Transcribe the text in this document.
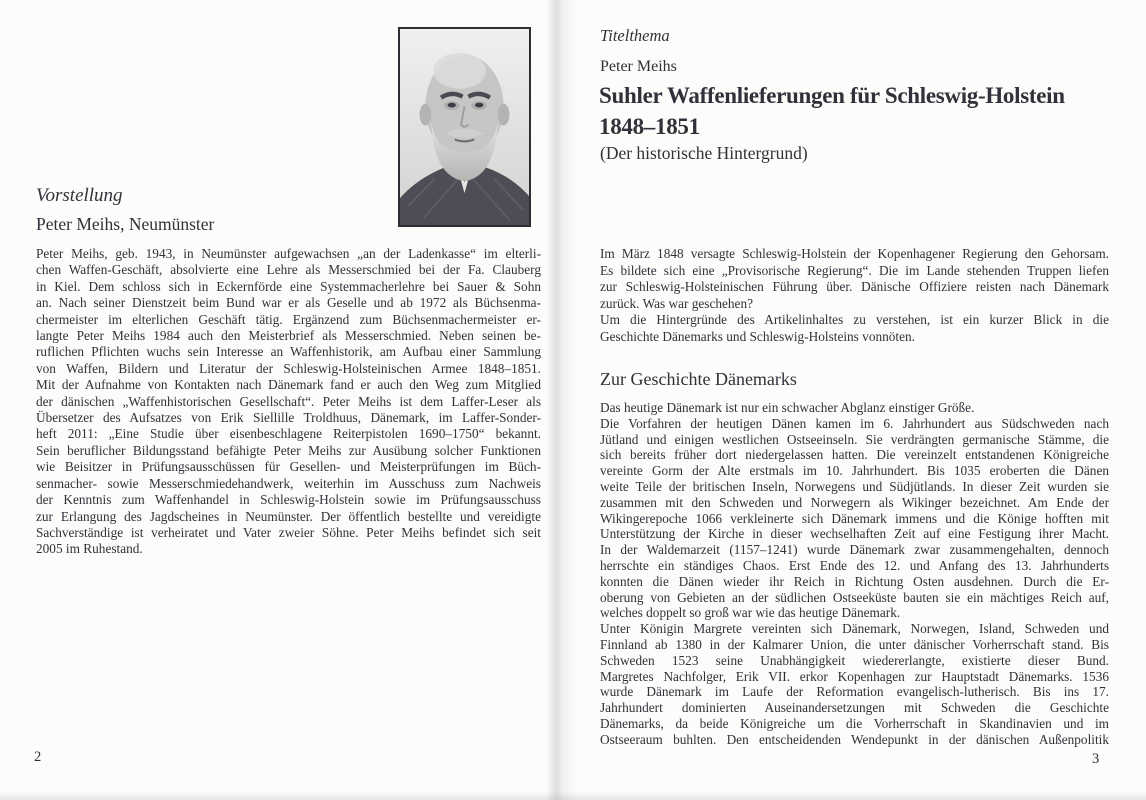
Vorstellung
Peter Meihs, Neumünster
Peter Meihs, geb. 1943, in Neumünster aufgewachsen „an der Ladenkasse“ im elterli-
chen Waffen-Geschäft, absolvierte eine Lehre als Messerschmied bei der Fa. Clauberg
in Kiel. Dem schloss sich in Eckernförde eine Systemmacherlehre bei Sauer & Sohn
an. Nach seiner Dienstzeit beim Bund war er als Geselle und ab 1972 als Büchsenma-
chermeister im elterlichen Geschäft tätig. Ergänzend zum Büchsenmachermeister er-
langte Peter Meihs 1984 auch den Meisterbrief als Messerschmied. Neben seinen be-
ruflichen Pflichten wuchs sein Interesse an Waffenhistorik, am Aufbau einer Sammlung
von Waffen, Bildern und Literatur der Schleswig-Holsteinischen Armee 1848–1851.
Mit der Aufnahme von Kontakten nach Dänemark fand er auch den Weg zum Mitglied
der dänischen „Waffenhistorischen Gesellschaft“. Peter Meihs ist dem Laffer-Leser als
Übersetzer des Aufsatzes von Erik Siellille Troldhuus, Dänemark, im Laffer-Sonder-
heft 2011: „Eine Studie über eisenbeschlagene Reiterpistolen 1690–1750“ bekannt.
Sein beruflicher Bildungsstand befähigte Peter Meihs zur Ausübung solcher Funktionen
wie Beisitzer in Prüfungsausschüssen für Gesellen- und Meisterprüfungen im Büch-
senmacher- sowie Messerschmiedehandwerk, weiterhin im Ausschuss zum Nachweis
der Kenntnis zum Waffenhandel in Schleswig-Holstein sowie im Prüfungsausschuss
zur Erlangung des Jagdscheines in Neumünster. Der öffentlich bestellte und vereidigte
Sachverständige ist verheiratet und Vater zweier Söhne. Peter Meihs befindet sich seit
2005 im Ruhestand.
2
Titelthema
Peter Meihs
Suhler Waffenlieferungen für Schleswig-Holstein
1848–1851
(Der historische Hintergrund)
Im März 1848 versagte Schleswig-Holstein der Kopenhagener Regierung den Gehorsam.
Es bildete sich eine „Provisorische Regierung“. Die im Lande stehenden Truppen liefen
zur Schleswig-Holsteinischen Führung über. Dänische Offiziere reisten nach Dänemark
zurück. Was war geschehen?
Um die Hintergründe des Artikelinhaltes zu verstehen, ist ein kurzer Blick in die
Geschichte Dänemarks und Schleswig-Holsteins vonnöten.
Zur Geschichte Dänemarks
Das heutige Dänemark ist nur ein schwacher Abglanz einstiger Größe.
Die Vorfahren der heutigen Dänen kamen im 6. Jahrhundert aus Südschweden nach
Jütland und einigen westlichen Ostseeinseln. Sie verdrängten germanische Stämme, die
sich bereits früher dort niedergelassen hatten. Die vereinzelt entstandenen Königreiche
vereinte Gorm der Alte erstmals im 10. Jahrhundert. Bis 1035 eroberten die Dänen
weite Teile der britischen Inseln, Norwegens und Südjütlands. In dieser Zeit wurden sie
zusammen mit den Schweden und Norwegern als Wikinger bezeichnet. Am Ende der
Wikingerepoche 1066 verkleinerte sich Dänemark immens und die Könige hofften mit
Unterstützung der Kirche in dieser wechselhaften Zeit auf eine Festigung ihrer Macht.
In der Waldemarzeit (1157–1241) wurde Dänemark zwar zusammengehalten, dennoch
herrschte ein ständiges Chaos. Erst Ende des 12. und Anfang des 13. Jahrhunderts
konnten die Dänen wieder ihr Reich in Richtung Osten ausdehnen. Durch die Er-
oberung von Gebieten an der südlichen Ostseeküste bauten sie ein mächtiges Reich auf,
welches doppelt so groß war wie das heutige Dänemark.
Unter Königin Margrete vereinten sich Dänemark, Norwegen, Island, Schweden und
Finnland ab 1380 in der Kalmarer Union, die unter dänischer Vorherrschaft stand. Bis
Schweden 1523 seine Unabhängigkeit wiedererlangte, existierte dieser Bund.
Margretes Nachfolger, Erik VII. erkor Kopenhagen zur Hauptstadt Dänemarks. 1536
wurde Dänemark im Laufe der Reformation evangelisch-lutherisch. Bis ins 17.
Jahrhundert dominierten Auseinandersetzungen mit Schweden die Geschichte
Dänemarks, da beide Königreiche um die Vorherrschaft in Skandinavien und im
Ostseeraum buhlten. Den entscheidenden Wendepunkt in der dänischen Außenpolitik
3
